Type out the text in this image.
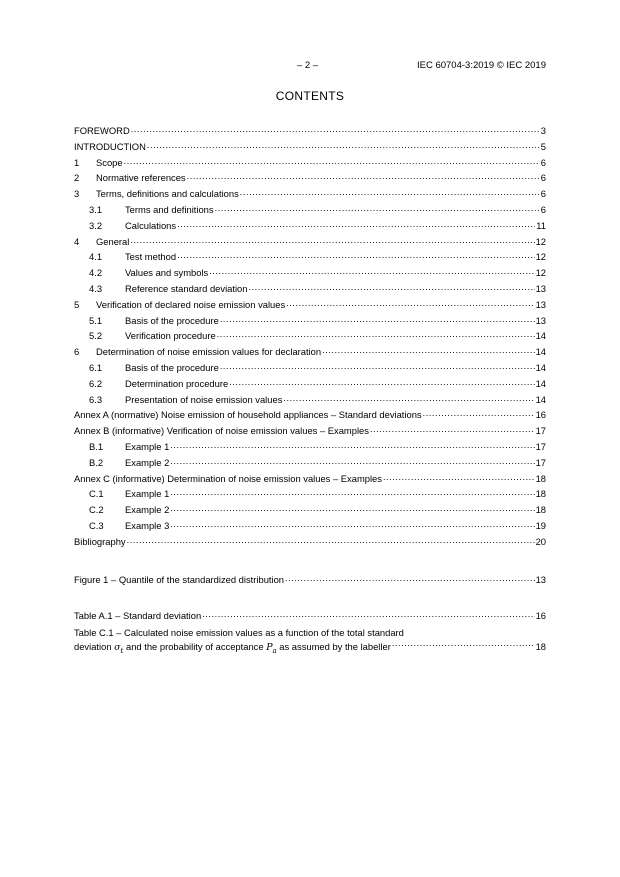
– 2 –	IEC 60704-3:2019 © IEC 2019
CONTENTS
FOREWORD .....	3
INTRODUCTION .....	5
1	Scope .....	6
2	Normative references .....	6
3	Terms, definitions and calculations .....	6
3.1	Terms and definitions .....	6
3.2	Calculations .....	11
4	General .....	12
4.1	Test method .....	12
4.2	Values and symbols .....	12
4.3	Reference standard deviation .....	13
5	Verification of declared noise emission values .....	13
5.1	Basis of the procedure .....	13
5.2	Verification procedure .....	14
6	Determination of noise emission values for declaration .....	14
6.1	Basis of the procedure .....	14
6.2	Determination procedure .....	14
6.3	Presentation of noise emission values .....	14
Annex A (normative) Noise emission of household appliances – Standard deviations .....	16
Annex B (informative) Verification of noise emission values – Examples .....	17
B.1	Example 1 .....	17
B.2	Example 2 .....	17
Annex C (informative) Determination of noise emission values – Examples .....	18
C.1	Example 1 .....	18
C.2	Example 2 .....	18
C.3	Example 3 .....	19
Bibliography .....	20
Figure 1 – Quantile of the standardized distribution .....	13
Table A.1 – Standard deviation .....	16
Table C.1 – Calculated noise emission values as a function of the total standard
deviation $\sigma_t$ and the probability of acceptance $P_a$ as assumed by the labeller .....	18
